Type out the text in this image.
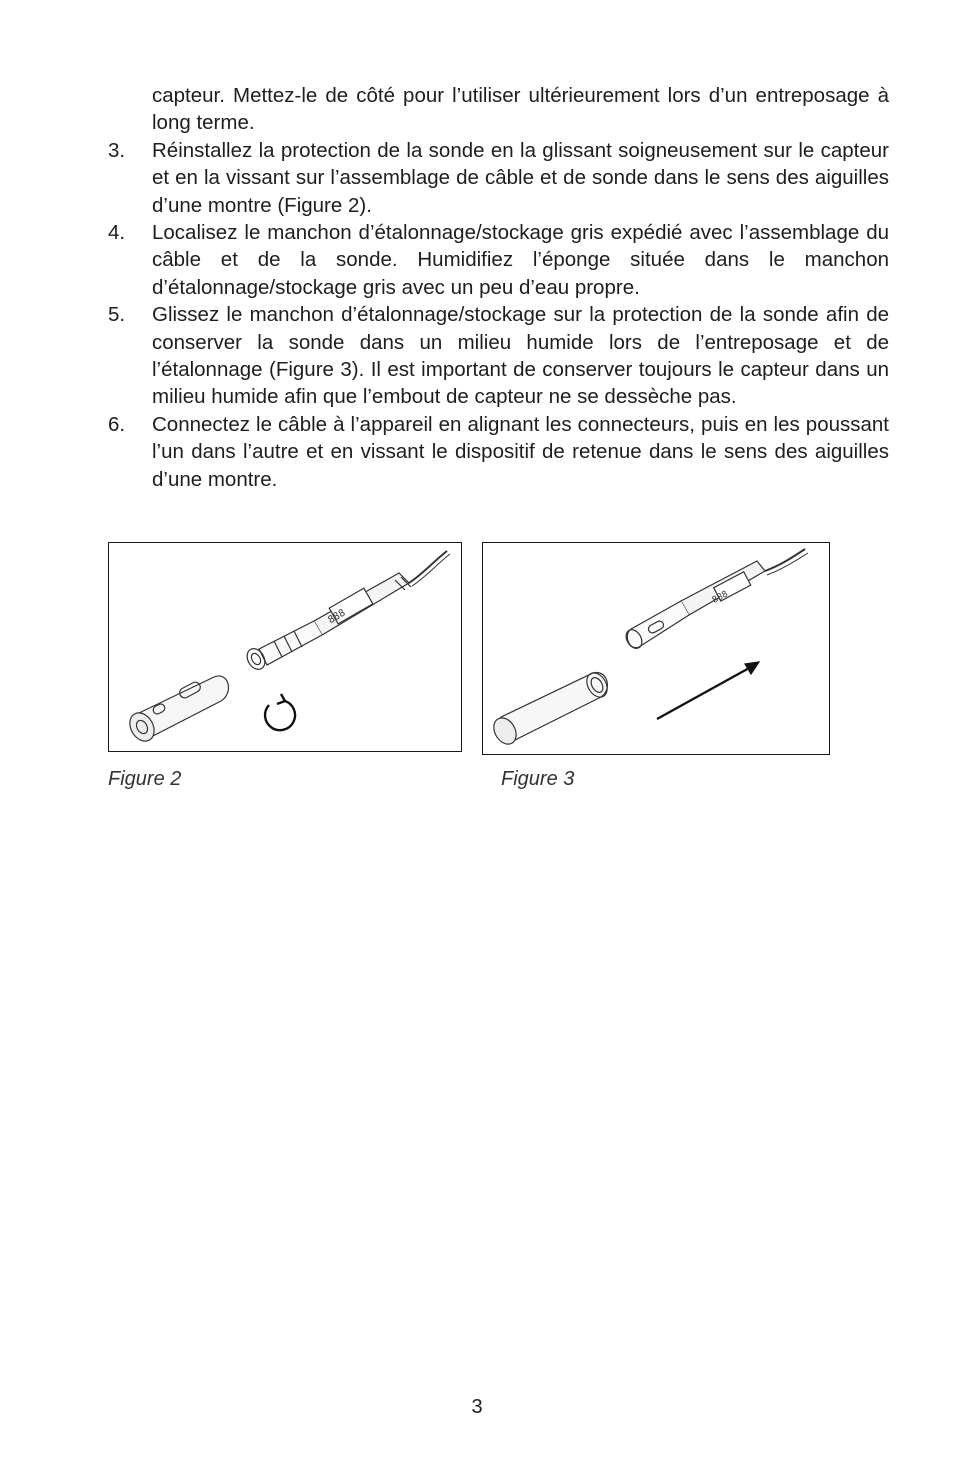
capteur. Mettez-le de côté pour l’utiliser ultérieurement lors d’un entreposage à long terme.
3.	Réinstallez la protection de la sonde en la glissant soigneusement sur le capteur et en la vissant sur l’assemblage de câble et de sonde dans le sens des aiguilles d’une montre (Figure 2).
4.	Localisez le manchon d’étalonnage/stockage gris expédié avec l’assemblage du câble et de la sonde. Humidifiez l’éponge située dans le manchon d’étalonnage/stockage gris avec un peu d’eau propre.
5.	Glissez le manchon d’étalonnage/stockage sur la protection de la sonde afin de conserver la sonde dans un milieu humide lors de l’entreposage et de l’étalonnage (Figure 3). Il est important de conserver toujours le capteur dans un milieu humide afin que l’embout de capteur ne se dessèche pas.
6.	Connectez le câble à l’appareil en alignant les connecteurs, puis en les poussant l’un dans l’autre et en vissant le dispositif de retenue dans le sens des aiguilles d’une montre.
888
888
Figure 2	Figure 3
3
